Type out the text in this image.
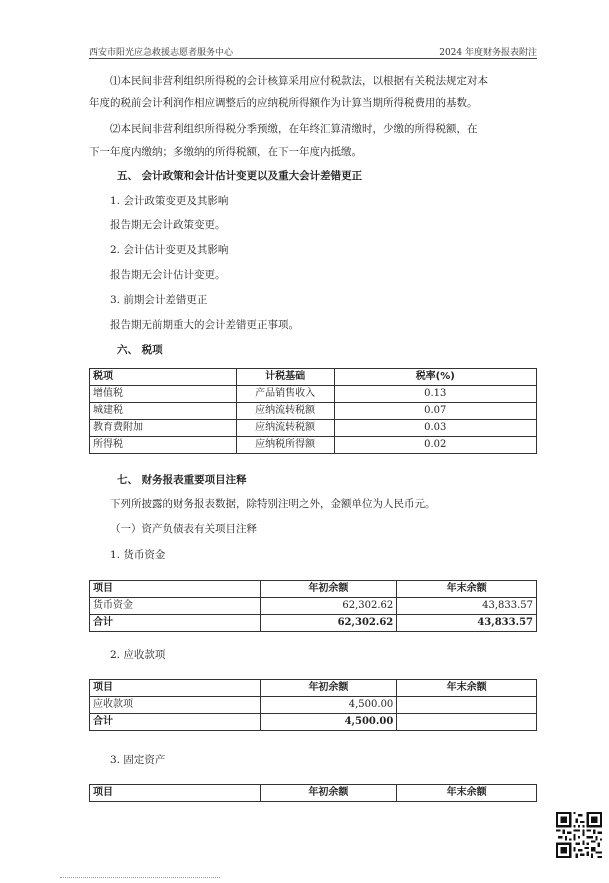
西安市阳光应急救援志愿者服务中心	2024 年度财务报表附注
⑴本民间非营利组织所得税的会计核算采用应付税款法，以根据有关税法规定对本
年度的税前会计利润作相应调整后的应纳税所得额作为计算当期所得税费用的基数。
⑵本民间非营利组织所得税分季预缴，在年终汇算清缴时，少缴的所得税额，在
下一年度内缴纳；多缴纳的所得税额，在下一年度内抵缴。
五、 会计政策和会计估计变更以及重大会计差错更正
1. 会计政策变更及其影响
报告期无会计政策变更。
2. 会计估计变更及其影响
报告期无会计估计变更。
3. 前期会计差错更正
报告期无前期重大的会计差错更正事项。
六、 税项
税项	计税基础	税率(%)
增值税	产品销售收入	0.13
城建税	应纳流转税额	0.07
教育费附加	应纳流转税额	0.03
所得税	应纳税所得额	0.02
七、 财务报表重要项目注释
下列所披露的财务报表数据，除特别注明之外，金额单位为人民币元。
（一）资产负债表有关项目注释
1. 货币资金
项目	年初余额	年末余额
货币资金	62,302.62	43,833.57
合计	62,302.62	43,833.57
2. 应收款项
项目	年初余额	年末余额
应收款项	4,500.00	
合计	4,500.00	
3. 固定资产
项目	年初余额	年末余额
